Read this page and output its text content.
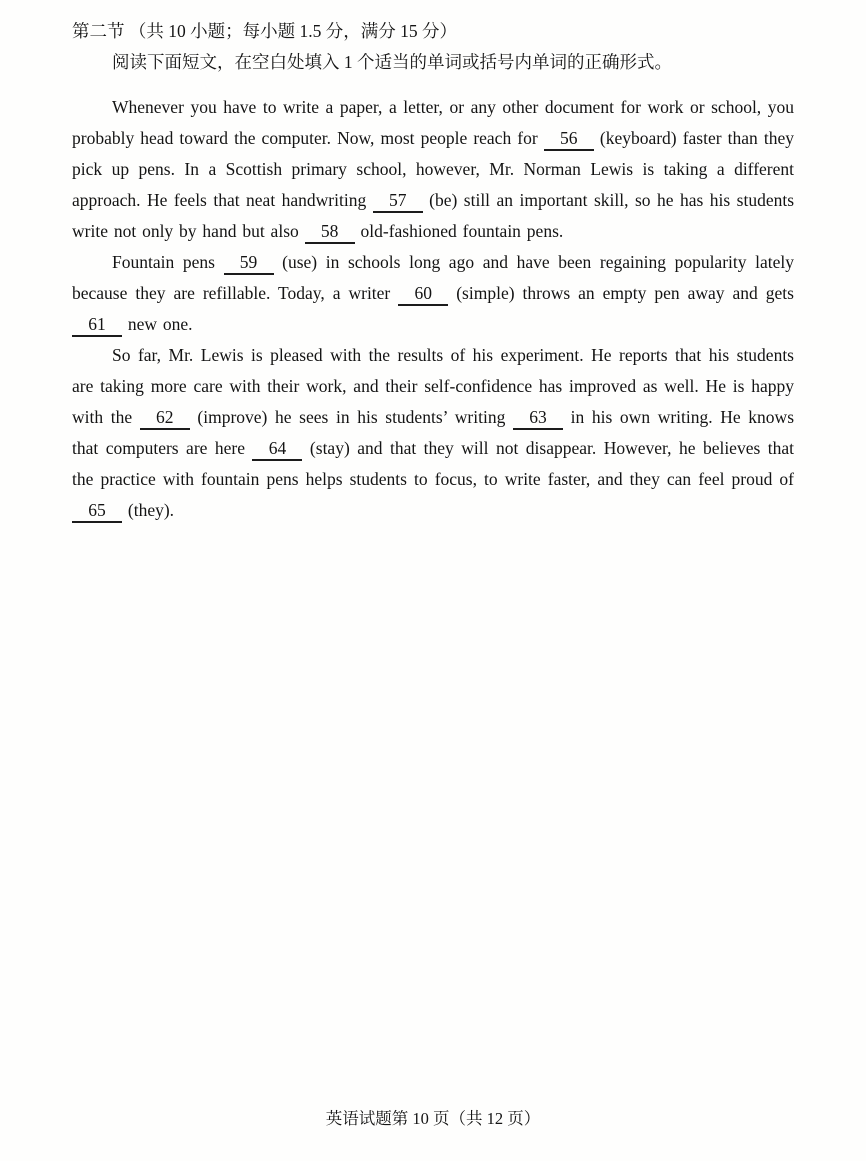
第二节 （共 10 小题；每小题 1.5 分，满分 15 分）
阅读下面短文，在空白处填入 1 个适当的单词或括号内单词的正确形式。

Whenever you have to write a paper, a letter, or any other document for work or school, you probably head toward the computer. Now, most people reach for 56 (keyboard) faster than they pick up pens. In a Scottish primary school, however, Mr. Norman Lewis is taking a different approach. He feels that neat handwriting 57 (be) still an important skill, so he has his students write not only by hand but also 58 old-fashioned fountain pens.

Fountain pens 59 (use) in schools long ago and have been regaining popularity lately because they are refillable. Today, a writer 60 (simple) throws an empty pen away and gets 61 new one.

So far, Mr. Lewis is pleased with the results of his experiment. He reports that his students are taking more care with their work, and their self-confidence has improved as well. He is happy with the 62 (improve) he sees in his students’ writing 63 in his own writing. He knows that computers are here 64 (stay) and that they will not disappear. However, he believes that the practice with fountain pens helps students to focus, to write faster, and they can feel proud of 65 (they).

英语试题第 10 页（共 12 页）
